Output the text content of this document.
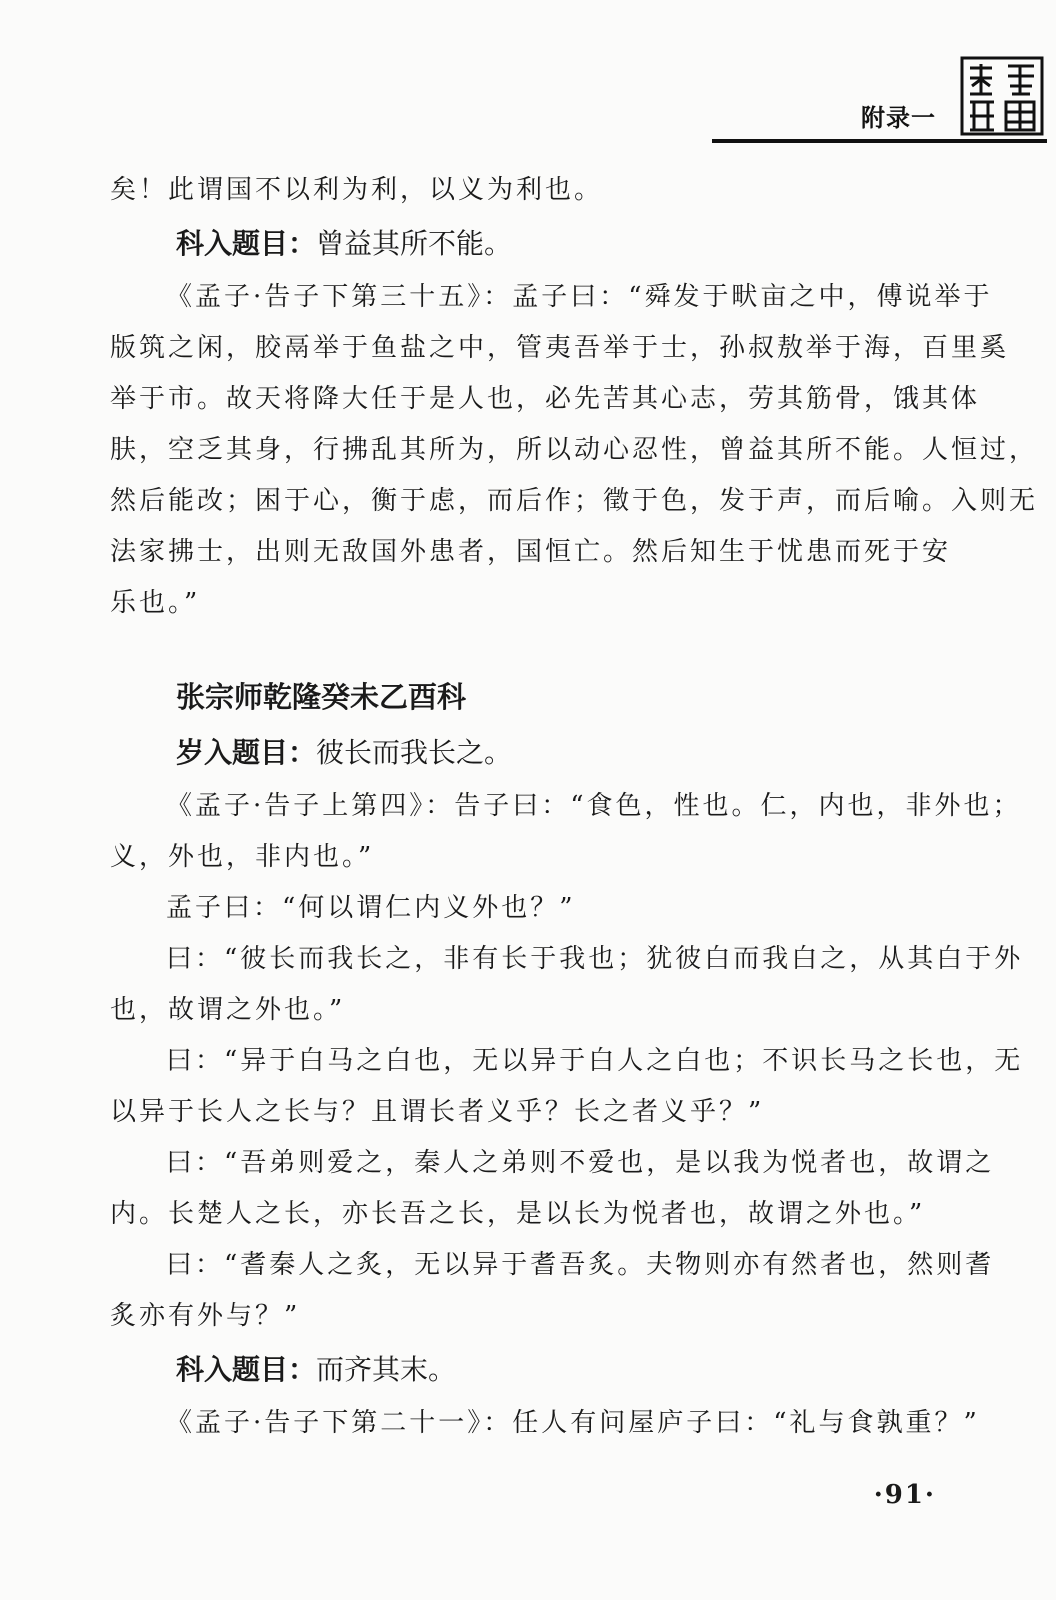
附录一
矣！此谓国不以利为利，以义为利也。
科入题目：曾益其所不能。
《孟子·告子下第三十五》：孟子曰：“舜发于畎亩之中，傅说举于
版筑之闲，胶鬲举于鱼盐之中，管夷吾举于士，孙叔敖举于海，百里奚
举于市。故天将降大任于是人也，必先苦其心志，劳其筋骨，饿其体
肤，空乏其身，行拂乱其所为，所以动心忍性，曾益其所不能。人恒过，
然后能改；困于心，衡于虑，而后作；徵于色，发于声，而后喻。入则无
法家拂士，出则无敌国外患者，国恒亡。然后知生于忧患而死于安
乐也。”
张宗师乾隆癸未乙酉科
岁入题目：彼长而我长之。
《孟子·告子上第四》：告子曰：“食色，性也。仁，内也，非外也；
义，外也，非内也。”
孟子曰：“何以谓仁内义外也？”
曰：“彼长而我长之，非有长于我也；犹彼白而我白之，从其白于外
也，故谓之外也。”
曰：“异于白马之白也，无以异于白人之白也；不识长马之长也，无
以异于长人之长与？且谓长者义乎？长之者义乎？”
曰：“吾弟则爱之，秦人之弟则不爱也，是以我为悦者也，故谓之
内。长楚人之长，亦长吾之长，是以长为悦者也，故谓之外也。”
曰：“耆秦人之炙，无以异于耆吾炙。夫物则亦有然者也，然则耆
炙亦有外与？”
科入题目：而齐其末。
《孟子·告子下第二十一》：任人有问屋庐子曰：“礼与食孰重？”
·91·
